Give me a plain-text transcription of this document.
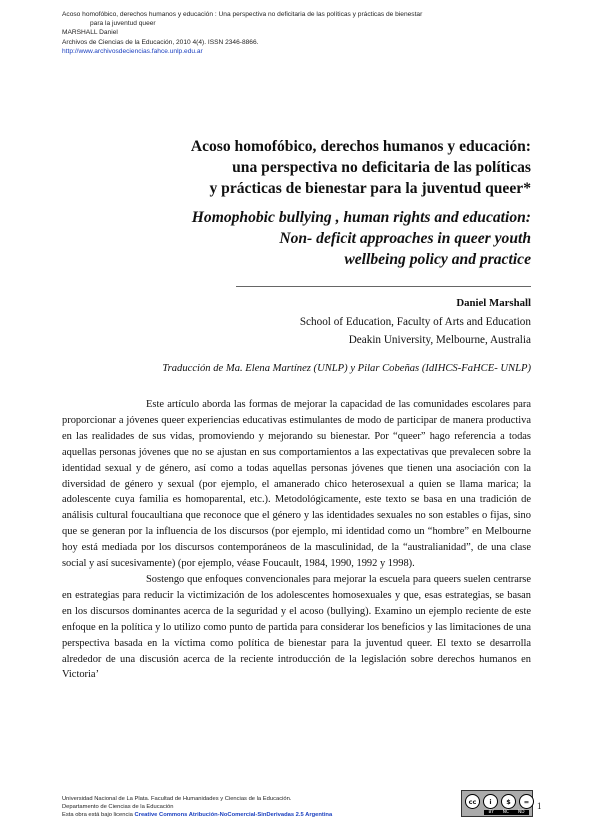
Acoso homofóbico, derechos humanos y educación : Una perspectiva no deficitaria de las políticas y prácticas de bienestar
para la juventud queer
MARSHALL Daniel
Archivos de Ciencias de la Educación, 2010 4(4). ISSN 2346-8866.
http://www.archivosdeciencias.fahce.unlp.edu.ar
Acoso homofóbico, derechos humanos y educación:
una perspectiva no deficitaria de las políticas
y prácticas de bienestar para la juventud queer*
Homophobic bullying , human rights and education:
Non- deficit approaches in queer youth
wellbeing policy and practice
Daniel Marshall
School of Education, Faculty of Arts and Education
Deakin University, Melbourne, Australia
Traducción de Ma. Elena Martínez (UNLP) y Pilar Cobeñas (IdIHCS-FaHCE- UNLP)

Este artículo aborda las formas de mejorar la capacidad de las comunidades escolares para proporcionar a jóvenes queer experiencias educativas estimulantes de modo de participar de manera productiva en las realidades de sus vidas, promoviendo y mejorando su bienestar. Por “queer” hago referencia a todas aquellas personas jóvenes que no se ajustan en sus comportamientos a las expectativas que prevalecen sobre la identidad sexual y de género, así como a todas aquellas personas jóvenes que tienen una asociación con la diversidad de género y sexual (por ejemplo, el amanerado chico heterosexual a quien se llama marica; la adolescente cuya familia es homoparental, etc.). Metodológicamente, este texto se basa en una tradición de análisis cultural foucaultiana que reconoce que el género y las identidades sexuales no son estables o fijas, sino que se generan por la influencia de los discursos (por ejemplo, mi identidad como un “hombre” en Melbourne hoy está mediada por los discursos contemporáneos de la masculinidad, de la “australianidad”, de una clase social y así sucesivamente) (por ejemplo, véase Foucault, 1984, 1990, 1992 y 1998).

Sostengo que enfoques convencionales para mejorar la escuela para queers suelen centrarse en estrategias para reducir la victimización de los adolescentes homosexuales y que, esas estrategias, se basan en los discursos dominantes acerca de la seguridad y el acoso (bullying). Examino un ejemplo reciente de este enfoque en la política y lo utilizo como punto de partida para considerar los beneficios y las limitaciones de una perspectiva basada en la víctima como política de bienestar para la juventud queer. El texto se desarrolla alrededor de una discusión acerca de la reciente introducción de la legislación sobre derechos humanos en Victoria’

Universidad Nacional de La Plata. Facultad de Humanidades y Ciencias de la Educación.
Departamento de Ciencias de la Educación
Esta obra está bajo licencia Creative Commons Atribución-NoComercial-SinDerivadas 2.5 Argentina
cc	i	$	=
BY NC ND
1
